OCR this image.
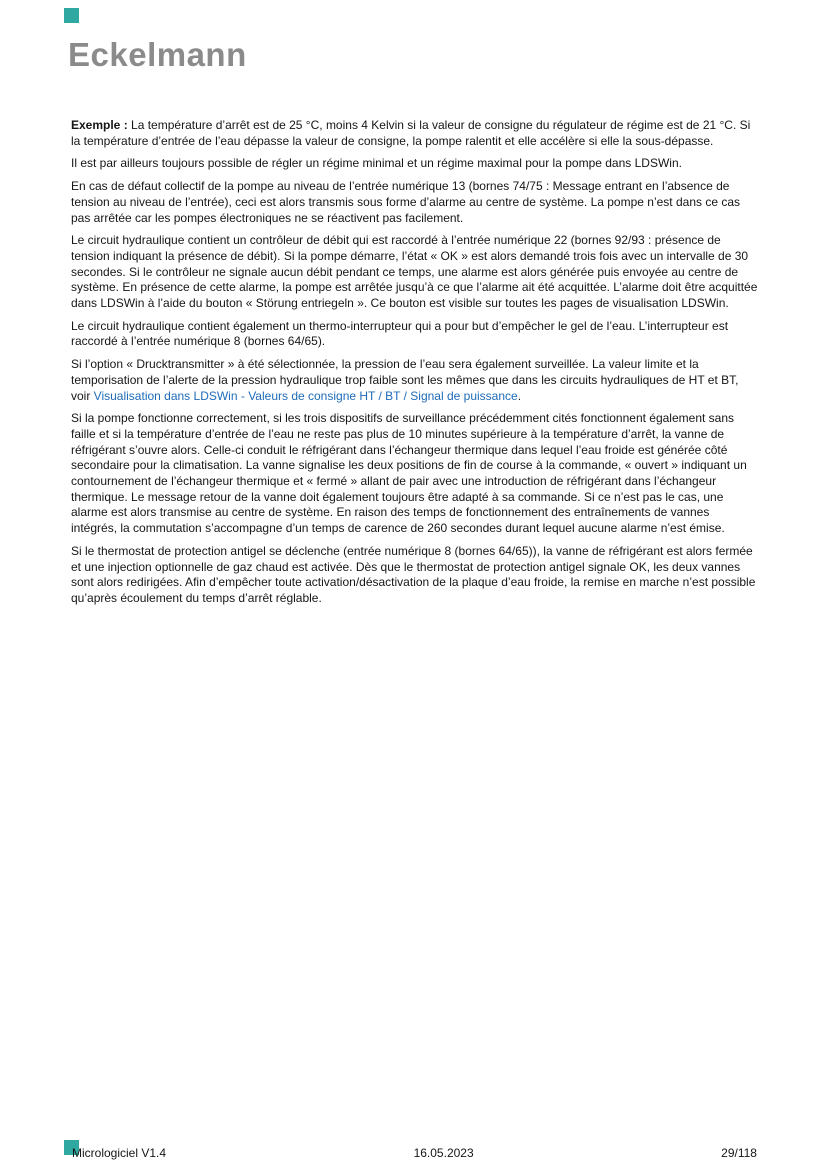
Eckelmann

Exemple : La température d’arrêt est de 25 °C, moins 4 Kelvin si la valeur de consigne du régulateur de régime est de 21 °C. Si la température d’entrée de l’eau dépasse la valeur de consigne, la pompe ralentit et elle accélère si elle la sous-dépasse.

Il est par ailleurs toujours possible de régler un régime minimal et un régime maximal pour la pompe dans LDSWin.

En cas de défaut collectif de la pompe au niveau de l’entrée numérique 13 (bornes 74/75 : Message entrant en l’absence de tension au niveau de l’entrée), ceci est alors transmis sous forme d’alarme au centre de système. La pompe n’est dans ce cas pas arrêtée car les pompes électroniques ne se réactivent pas facilement.

Le circuit hydraulique contient un contrôleur de débit qui est raccordé à l’entrée numérique 22 (bornes 92/93 : présence de tension indiquant la présence de débit). Si la pompe démarre, l’état « OK » est alors demandé trois fois avec un intervalle de 30 secondes. Si le contrôleur ne signale aucun débit pendant ce temps, une alarme est alors générée puis envoyée au centre de système. En présence de cette alarme, la pompe est arrêtée jusqu’à ce que l’alarme ait été acquittée. L’alarme doit être acquittée dans LDSWin à l’aide du bouton « Störung entriegeln ». Ce bouton est visible sur toutes les pages de visualisation LDSWin.

Le circuit hydraulique contient également un thermo-interrupteur qui a pour but d’empêcher le gel de l’eau. L’interrupteur est raccordé à l’entrée numérique 8 (bornes 64/65).

Si l’option « Drucktransmitter » à été sélectionnée, la pression de l’eau sera également surveillée. La valeur limite et la temporisation de l’alerte de la pression hydraulique trop faible sont les mêmes que dans les circuits hydrauliques de HT et BT, voir Visualisation dans LDSWin - Valeurs de consigne HT / BT / Signal de puissance.

Si la pompe fonctionne correctement, si les trois dispositifs de surveillance précédemment cités fonctionnent également sans faille et si la température d’entrée de l’eau ne reste pas plus de 10 minutes supérieure à la température d’arrêt, la vanne de réfrigérant s’ouvre alors. Celle-ci conduit le réfrigérant dans l’échangeur thermique dans lequel l’eau froide est générée côté secondaire pour la climatisation. La vanne signalise les deux positions de fin de course à la commande, « ouvert » indiquant un contournement de l’échangeur thermique et « fermé » allant de pair avec une introduction de réfrigérant dans l’échangeur thermique. Le message retour de la vanne doit également toujours être adapté à sa commande. Si ce n’est pas le cas, une alarme est alors transmise au centre de système. En raison des temps de fonctionnement des entraînements de vannes intégrés, la commutation s’accompagne d’un temps de carence de 260 secondes durant lequel aucune alarme n’est émise.

Si le thermostat de protection antigel se déclenche (entrée numérique 8 (bornes 64/65)), la vanne de réfrigérant est alors fermée et une injection optionnelle de gaz chaud est activée. Dès que le thermostat de protection antigel signale OK, les deux vannes sont alors redirigées. Afin d’empêcher toute activation/désactivation de la plaque d’eau froide, la remise en marche n’est possible qu’après écoulement du temps d’arrêt réglable.

Micrologiciel V1.4	16.05.2023	29/118
